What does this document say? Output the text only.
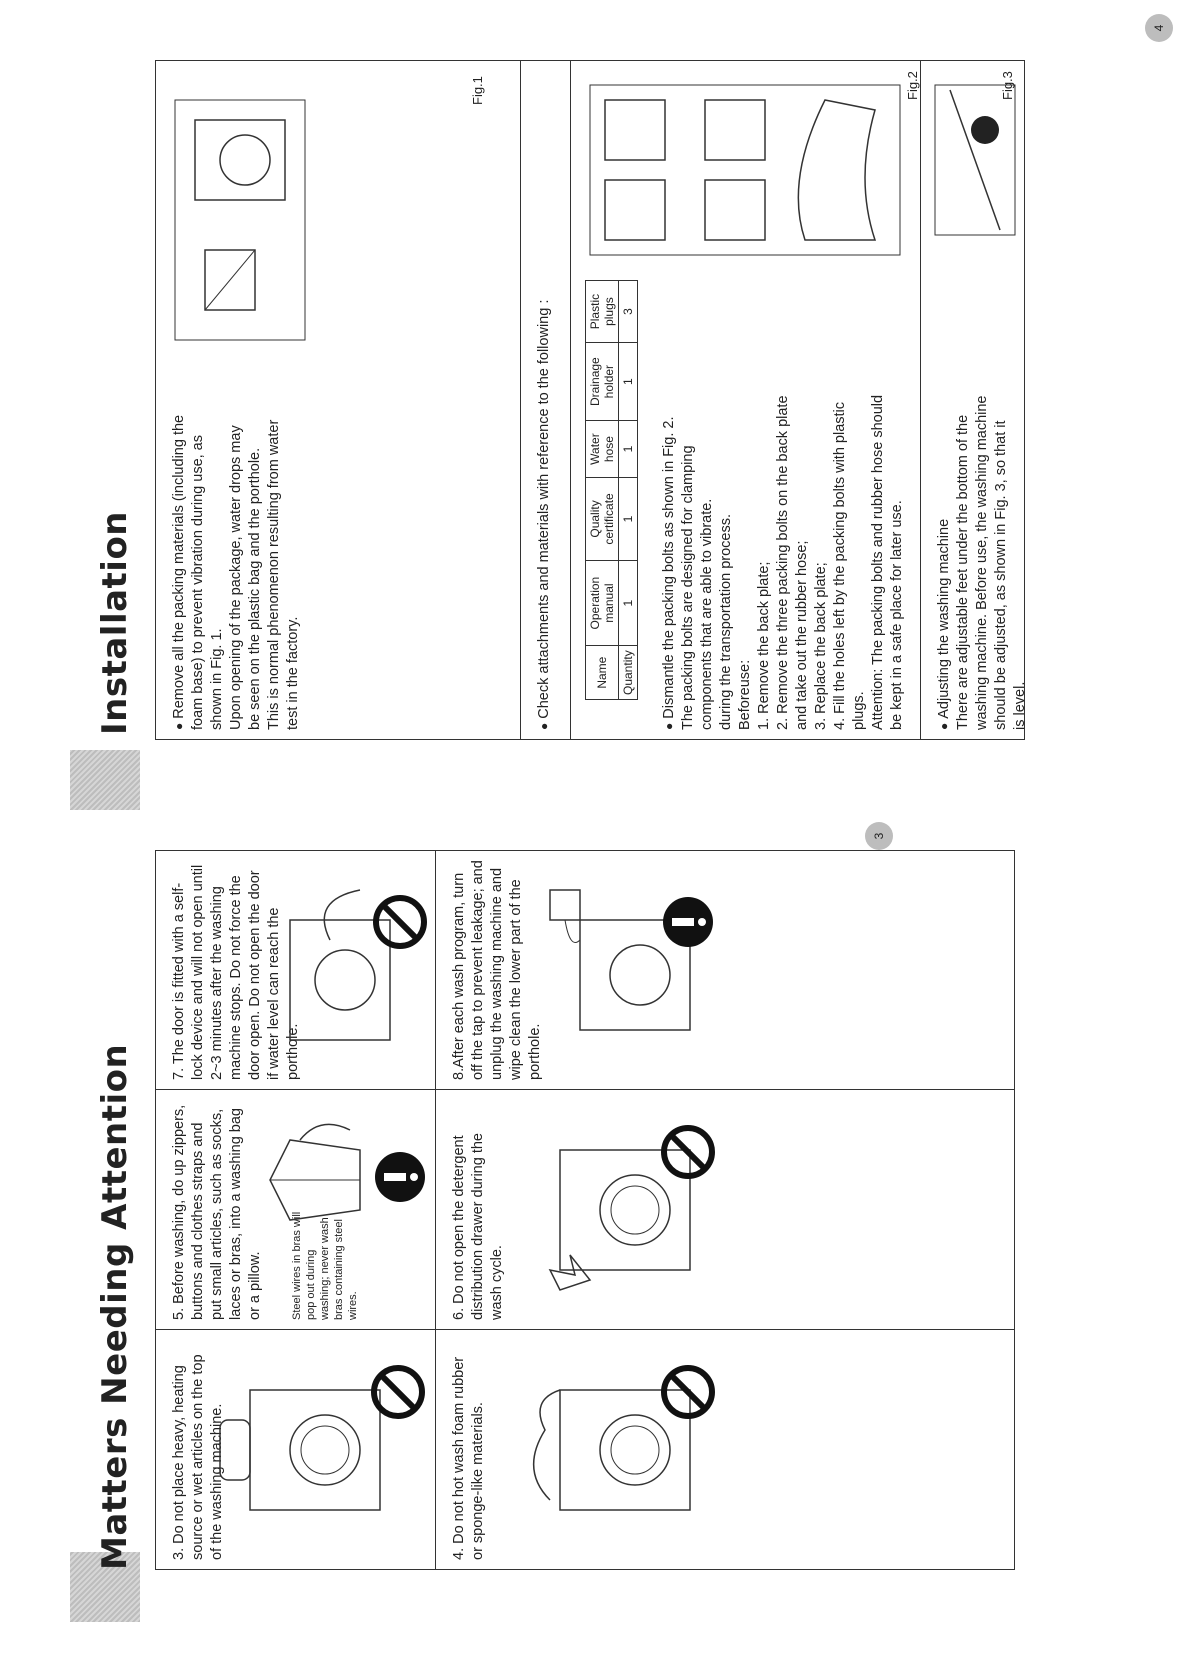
Matters Needing Attention 3. Do not place heavy, heating source or wet articles on the top of the washing machine.	4. Do not hot wash foam rubber or sponge-like materials.
5. Before washing, do up zippers, buttons and clothes straps and put small articles, such as socks, laces or bras, into a washing bag or a pillow.	Steel wires in bras will pop out during washing; never wash bras containing steel wires.	6. Do not open the detergent distribution drawer during the wash cycle.
7. The door is fitted with a self-lock device and will not open until 2~3 minutes after the washing machine stops. Do not force the door open. Do not open the door if water level can reach the porthole.	8.After each wash program, turn off the tap to prevent leakage; and unplug the washing machine and wipe clean the lower part of the porthole.
3
Installation ● Remove all the packing materials (including the foam base) to prevent vibration during use, as shown in Fig. 1. Upon opening of the package, water drops may be seen on the plastic bag and the porthole. This is normal phenomenon resulting from water test in the factory.
Fig.1
● Check attachments and materials with reference to the following :	Name	Operation manual	Quality certificate	Water hose	Drainage holder	Plastic plugs
Quantity	1	1	1	1	3
● Dismantle the packing bolts as shown in Fig. 2. The packing bolts are designed for clamping components that are able to vibrate. during the transportation process. Beforeuse: 1. Remove the back plate; 2. Remove the three packing bolts on the back plate and take out the rubber hose; 3. Replace the back plate; 4. Fill the holes left by the packing bolts with plastic plugs. Attention: The packing bolts and rubber hose should be kept in a safe place for later use.
Fig.2
● Adjusting the washing machine There are adjustable feet under the bottom of the washing machine. Before use, the washing machine should be adjusted, as shown in Fig. 3, so that it is level.
Fig.3
4
